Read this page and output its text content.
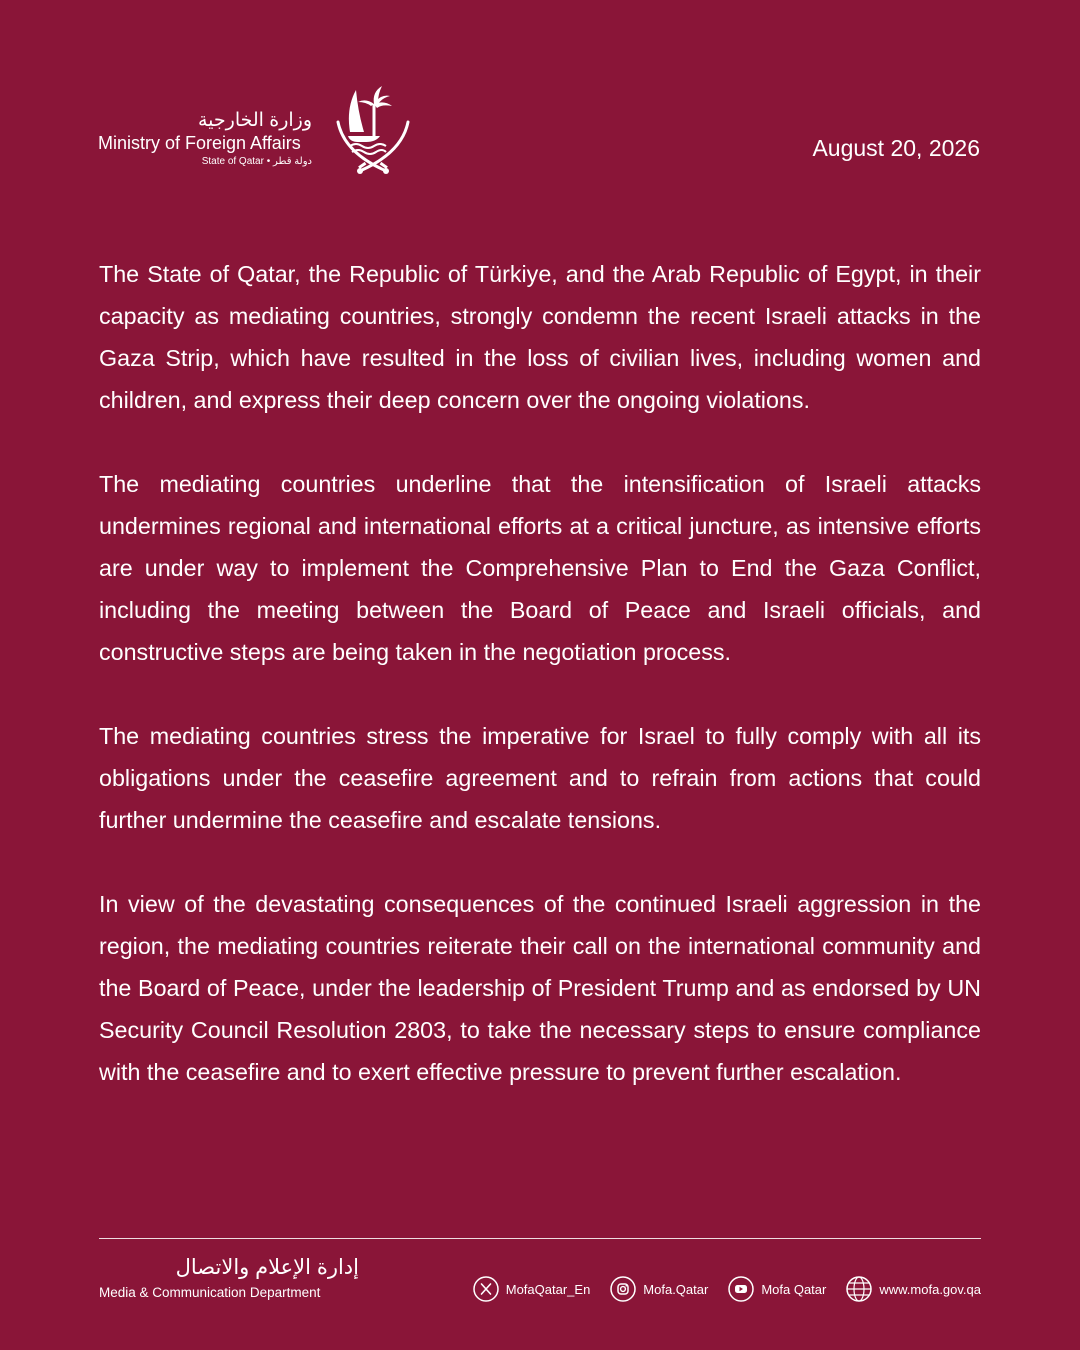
وزارة الخارجية
Ministry of Foreign Affairs
State of Qatar • دولة قطر
August 20, 2026

The State of Qatar, the Republic of Türkiye, and the Arab Republic of Egypt, in their capacity as mediating countries, strongly condemn the recent Israeli attacks in the Gaza Strip, which have resulted in the loss of civilian lives, including women and children, and express their deep concern over the ongoing violations.

The mediating countries underline that the intensification of Israeli attacks undermines regional and international efforts at a critical juncture, as intensive efforts are under way to implement the Comprehensive Plan to End the Gaza Conflict, including the meeting between the Board of Peace and Israeli officials, and constructive steps are being taken in the negotiation process.

The mediating countries stress the imperative for Israel to fully comply with all its obligations under the ceasefire agreement and to refrain from actions that could further undermine the ceasefire and escalate tensions.

In view of the devastating consequences of the continued Israeli aggression in the region, the mediating countries reiterate their call on the international community and the Board of Peace, under the leadership of President Trump and as endorsed by UN Security Council Resolution 2803, to take the necessary steps to ensure compliance with the ceasefire and to exert effective pressure to prevent further escalation.

إدارة الإعلام والاتصال
Media & Communication Department	MofaQatar_En	Mofa.Qatar	Mofa Qatar	www.mofa.gov.qa
